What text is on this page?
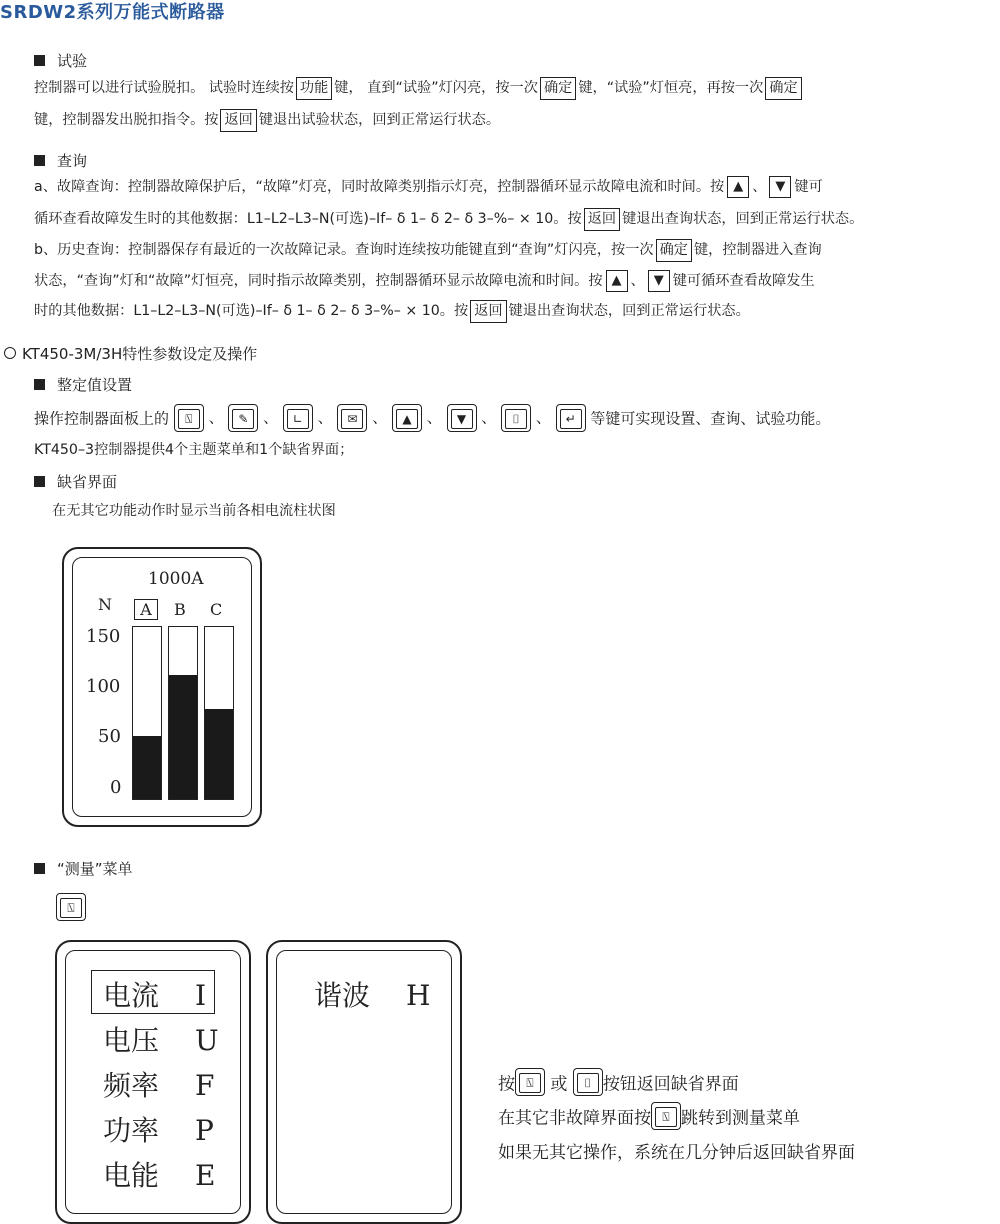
SRDW2系列万能式断路器
试验
控制器可以进行试验脱扣。 试验时连续按 功能 键， 直到“试验”灯闪亮，按一次 确定 键，“试验”灯恒亮，再按一次 确定
键，控制器发出脱扣指令。按 返回 键退出试验状态，回到正常运行状态。
查询
a、故障查询：控制器故障保护后，“故障”灯亮，同时故障类别指示灯亮，控制器循环显示故障电流和时间。按 ▲ 、 ▼ 键可
循环查看故障发生时的其他数据：L1–L2–L3–N(可选)–If– δ 1– δ 2– δ 3–%– × 10。按 返回 键退出查询状态，回到正常运行状态。
b、历史查询：控制器保存有最近的一次故障记录。查询时连续按功能键直到“查询”灯闪亮，按一次 确定 键，控制器进入查询
状态，“查询”灯和“故障”灯恒亮，同时指示故障类别，控制器循环显示故障电流和时间。按 ▲ 、 ▼ 键可循环查看故障发生
时的其他数据：L1–L2–L3–N(可选)–If– δ 1– δ 2– δ 3–%– × 10。按 返回 键退出查询状态，回到正常运行状态。
KT450-3M/3H特性参数设定及操作
整定值设置
操作控制器面板上的 ⍂ 、 ✎ 、 ∟ 、 ✉ 、 ▲ 、 ▼ 、 ⌷ 、 ↵ 等键可实现设置、查询、试验功能。
KT450–3控制器提供4个主题菜单和1个缺省界面；
缺省界面
在无其它功能动作时显示当前各相电流柱状图
1000A
N	A	B C
150
100
50
0
“测量”菜单
⍂
电流 I
电压 U
频率 F
功率 P
电能 E
谐波 H
按 ⍂ 或 ⌷ 按钮返回缺省界面
在其它非故障界面按 ⍂ 跳转到测量菜单
如果无其它操作，系统在几分钟后返回缺省界面
